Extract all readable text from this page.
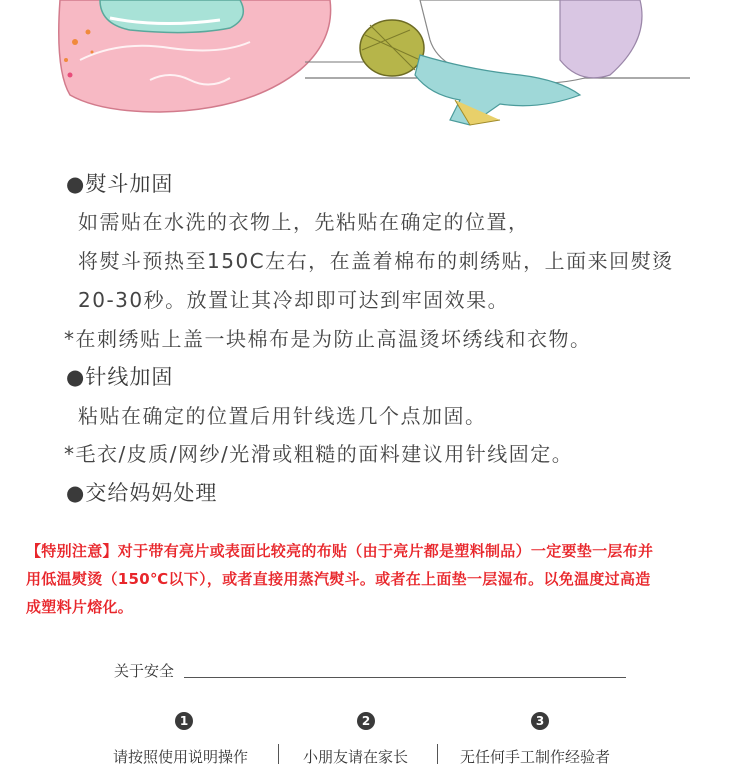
●熨斗加固
如需贴在水洗的衣物上，先粘贴在确定的位置，
将熨斗预热至150C左右，在盖着棉布的刺绣贴，上面来回熨烫
20-30秒。放置让其冷却即可达到牢固效果。
*在刺绣贴上盖一块棉布是为防止高温烫坏绣线和衣物。
●针线加固
粘贴在确定的位置后用针线选几个点加固。
*毛衣/皮质/网纱/光滑或粗糙的面料建议用针线固定。
●交给妈妈处理
【特别注意】对于带有亮片或表面比较亮的布贴（由于亮片都是塑料制品）一定要垫一层布并
用低温熨烫（150℃以下），或者直接用蒸汽熨斗。或者在上面垫一层湿布。以免温度过高造
成塑料片熔化。
关于安全
1	2	3
请按照使用说明操作	小朋友请在家长	无任何手工制作经验者
